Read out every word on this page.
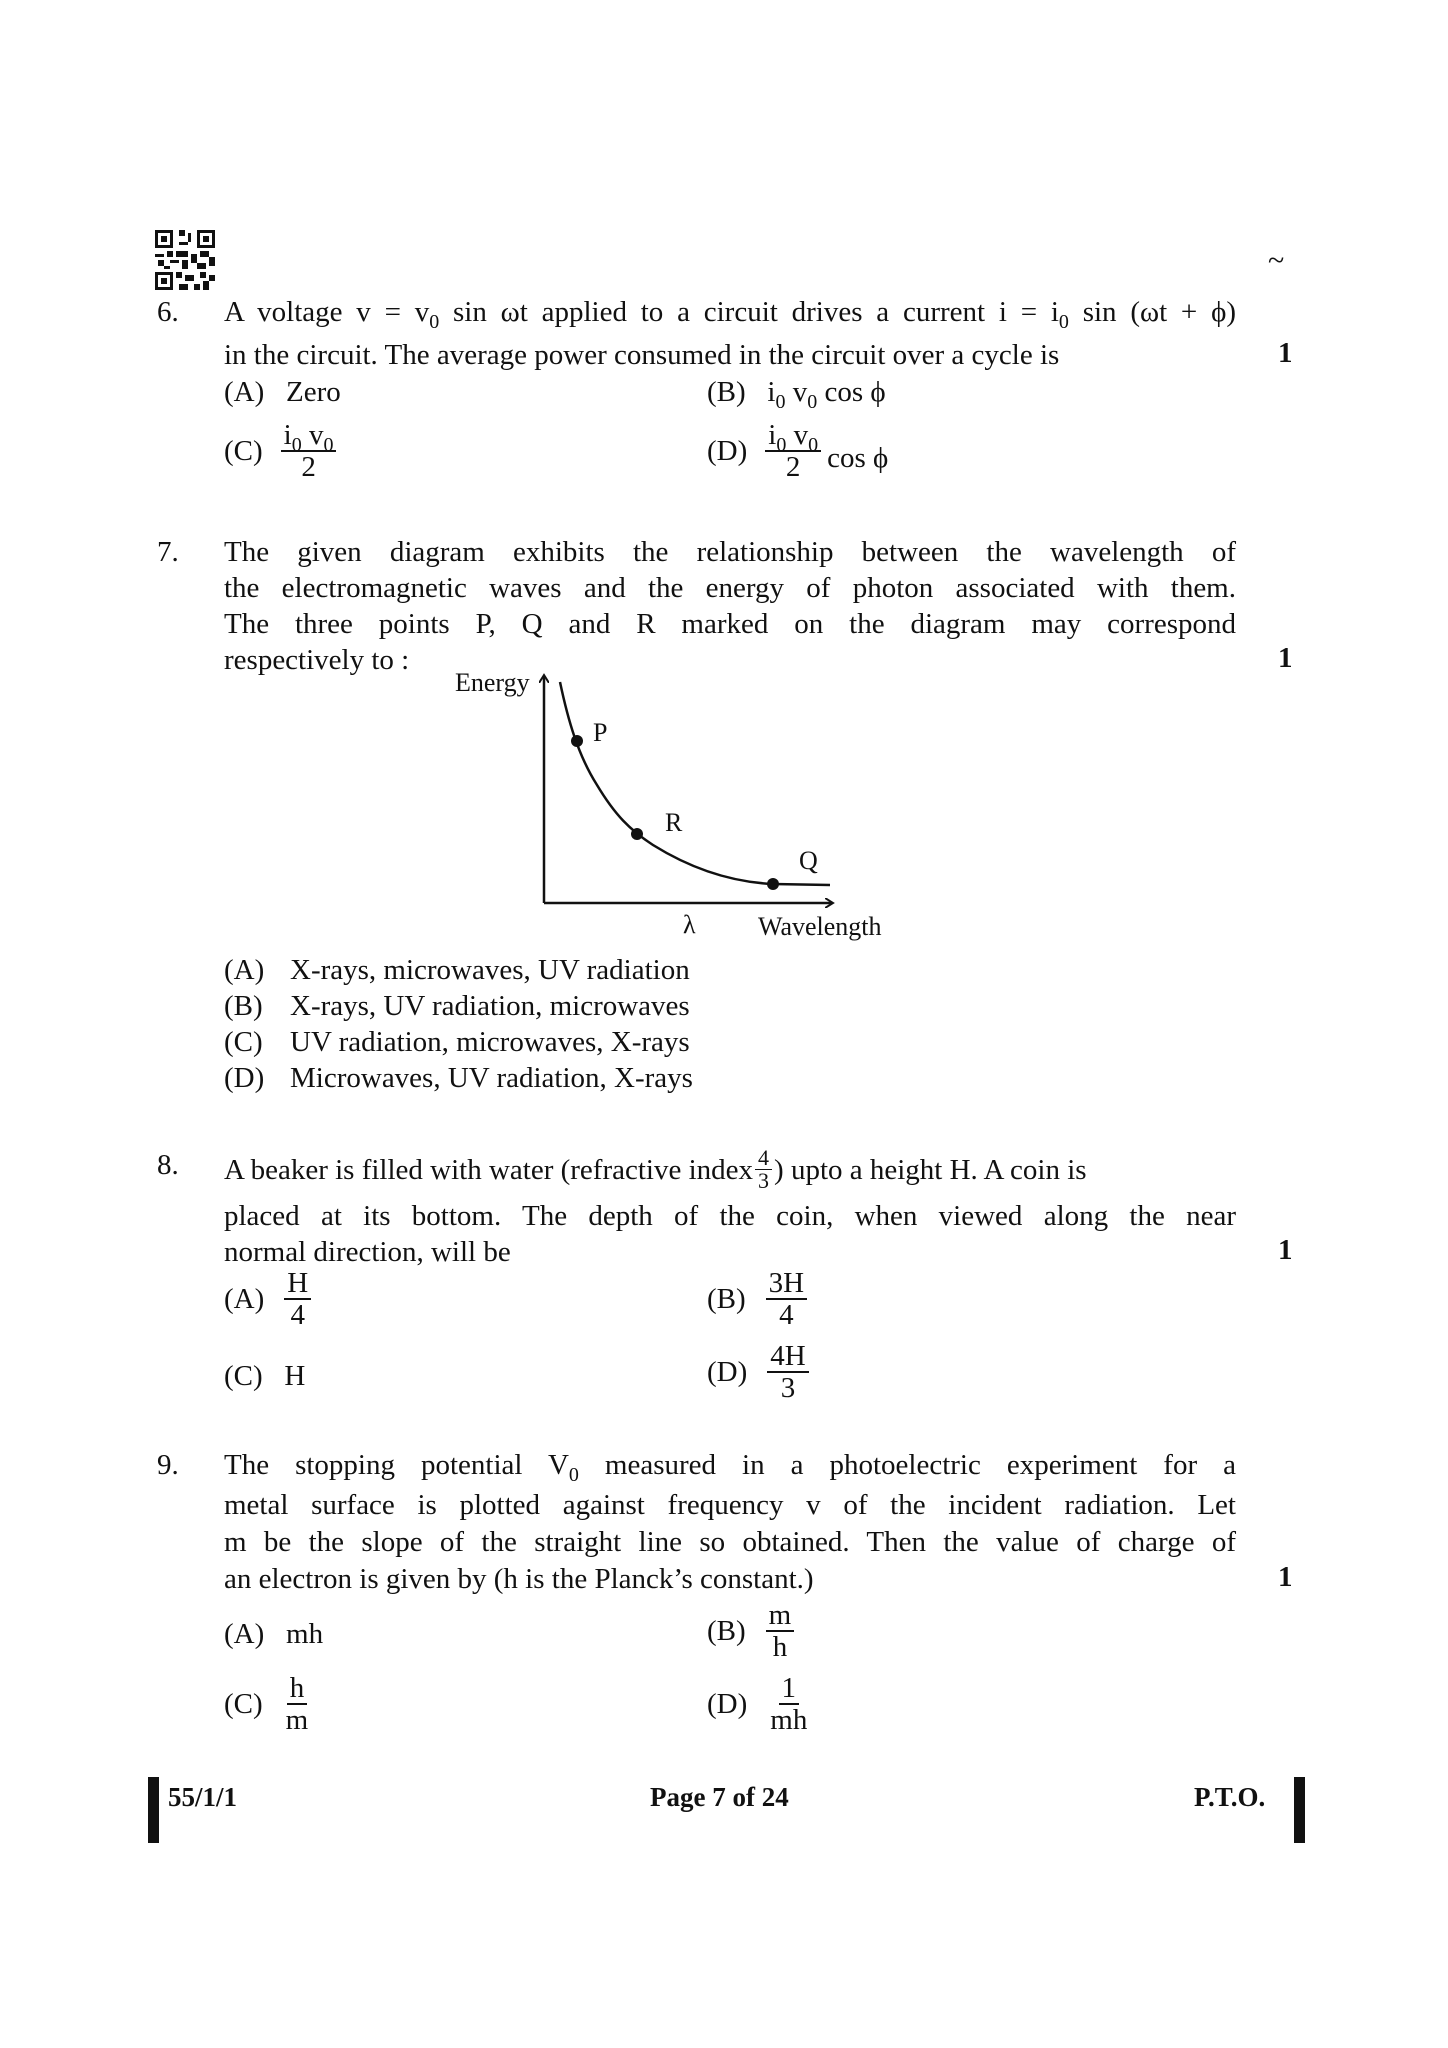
~
6. A voltage $v = v_0$ sin ωt applied to a circuit drives a current $i = i_0$ sin (ωt + ϕ)
in the circuit. The average power consumed in the circuit over a cycle is	1
(A) Zero	(B) $i_0$ $v_0$ cos ϕ
$(C) \frac{i_0 v_0}{2}$	$(D) \frac{i_0 v_0}{2}$ cos ϕ
7. The given diagram exhibits the relationship between the wavelength of
the electromagnetic waves and the energy of photon associated with them.
The three points P, Q and R marked on the diagram may correspond
respectively to :	1
Energy
P
R
Q
λ Wavelength
(A) X-rays, microwaves, UV radiation
(B) X-rays, UV radiation, microwaves
(C) UV radiation, microwaves, X-rays
(D) Microwaves, UV radiation, X-rays
8. A beaker is filled with water (refractive index $\frac{4}{3}$ ) upto a height H. A coin is
placed at its bottom. The depth of the coin, when viewed along the near
normal direction, will be	1
$(A) \frac{H}{4}$	$(B) \frac{3H}{4}$
(C) H	$(D) \frac{4H}{3}$
9. The stopping potential $V_0$ measured in a photoelectric experiment for a
metal surface is plotted against frequency v of the incident radiation. Let
m be the slope of the straight line so obtained. Then the value of charge of
an electron is given by (h is the Planck’s constant.)	1
(A) mh	$(B) \frac{m}{h}$
$(C) \frac{h}{m}$	$(D) \frac{1}{mh}$
55/1/1	Page 7 of 24	P.T.O.
